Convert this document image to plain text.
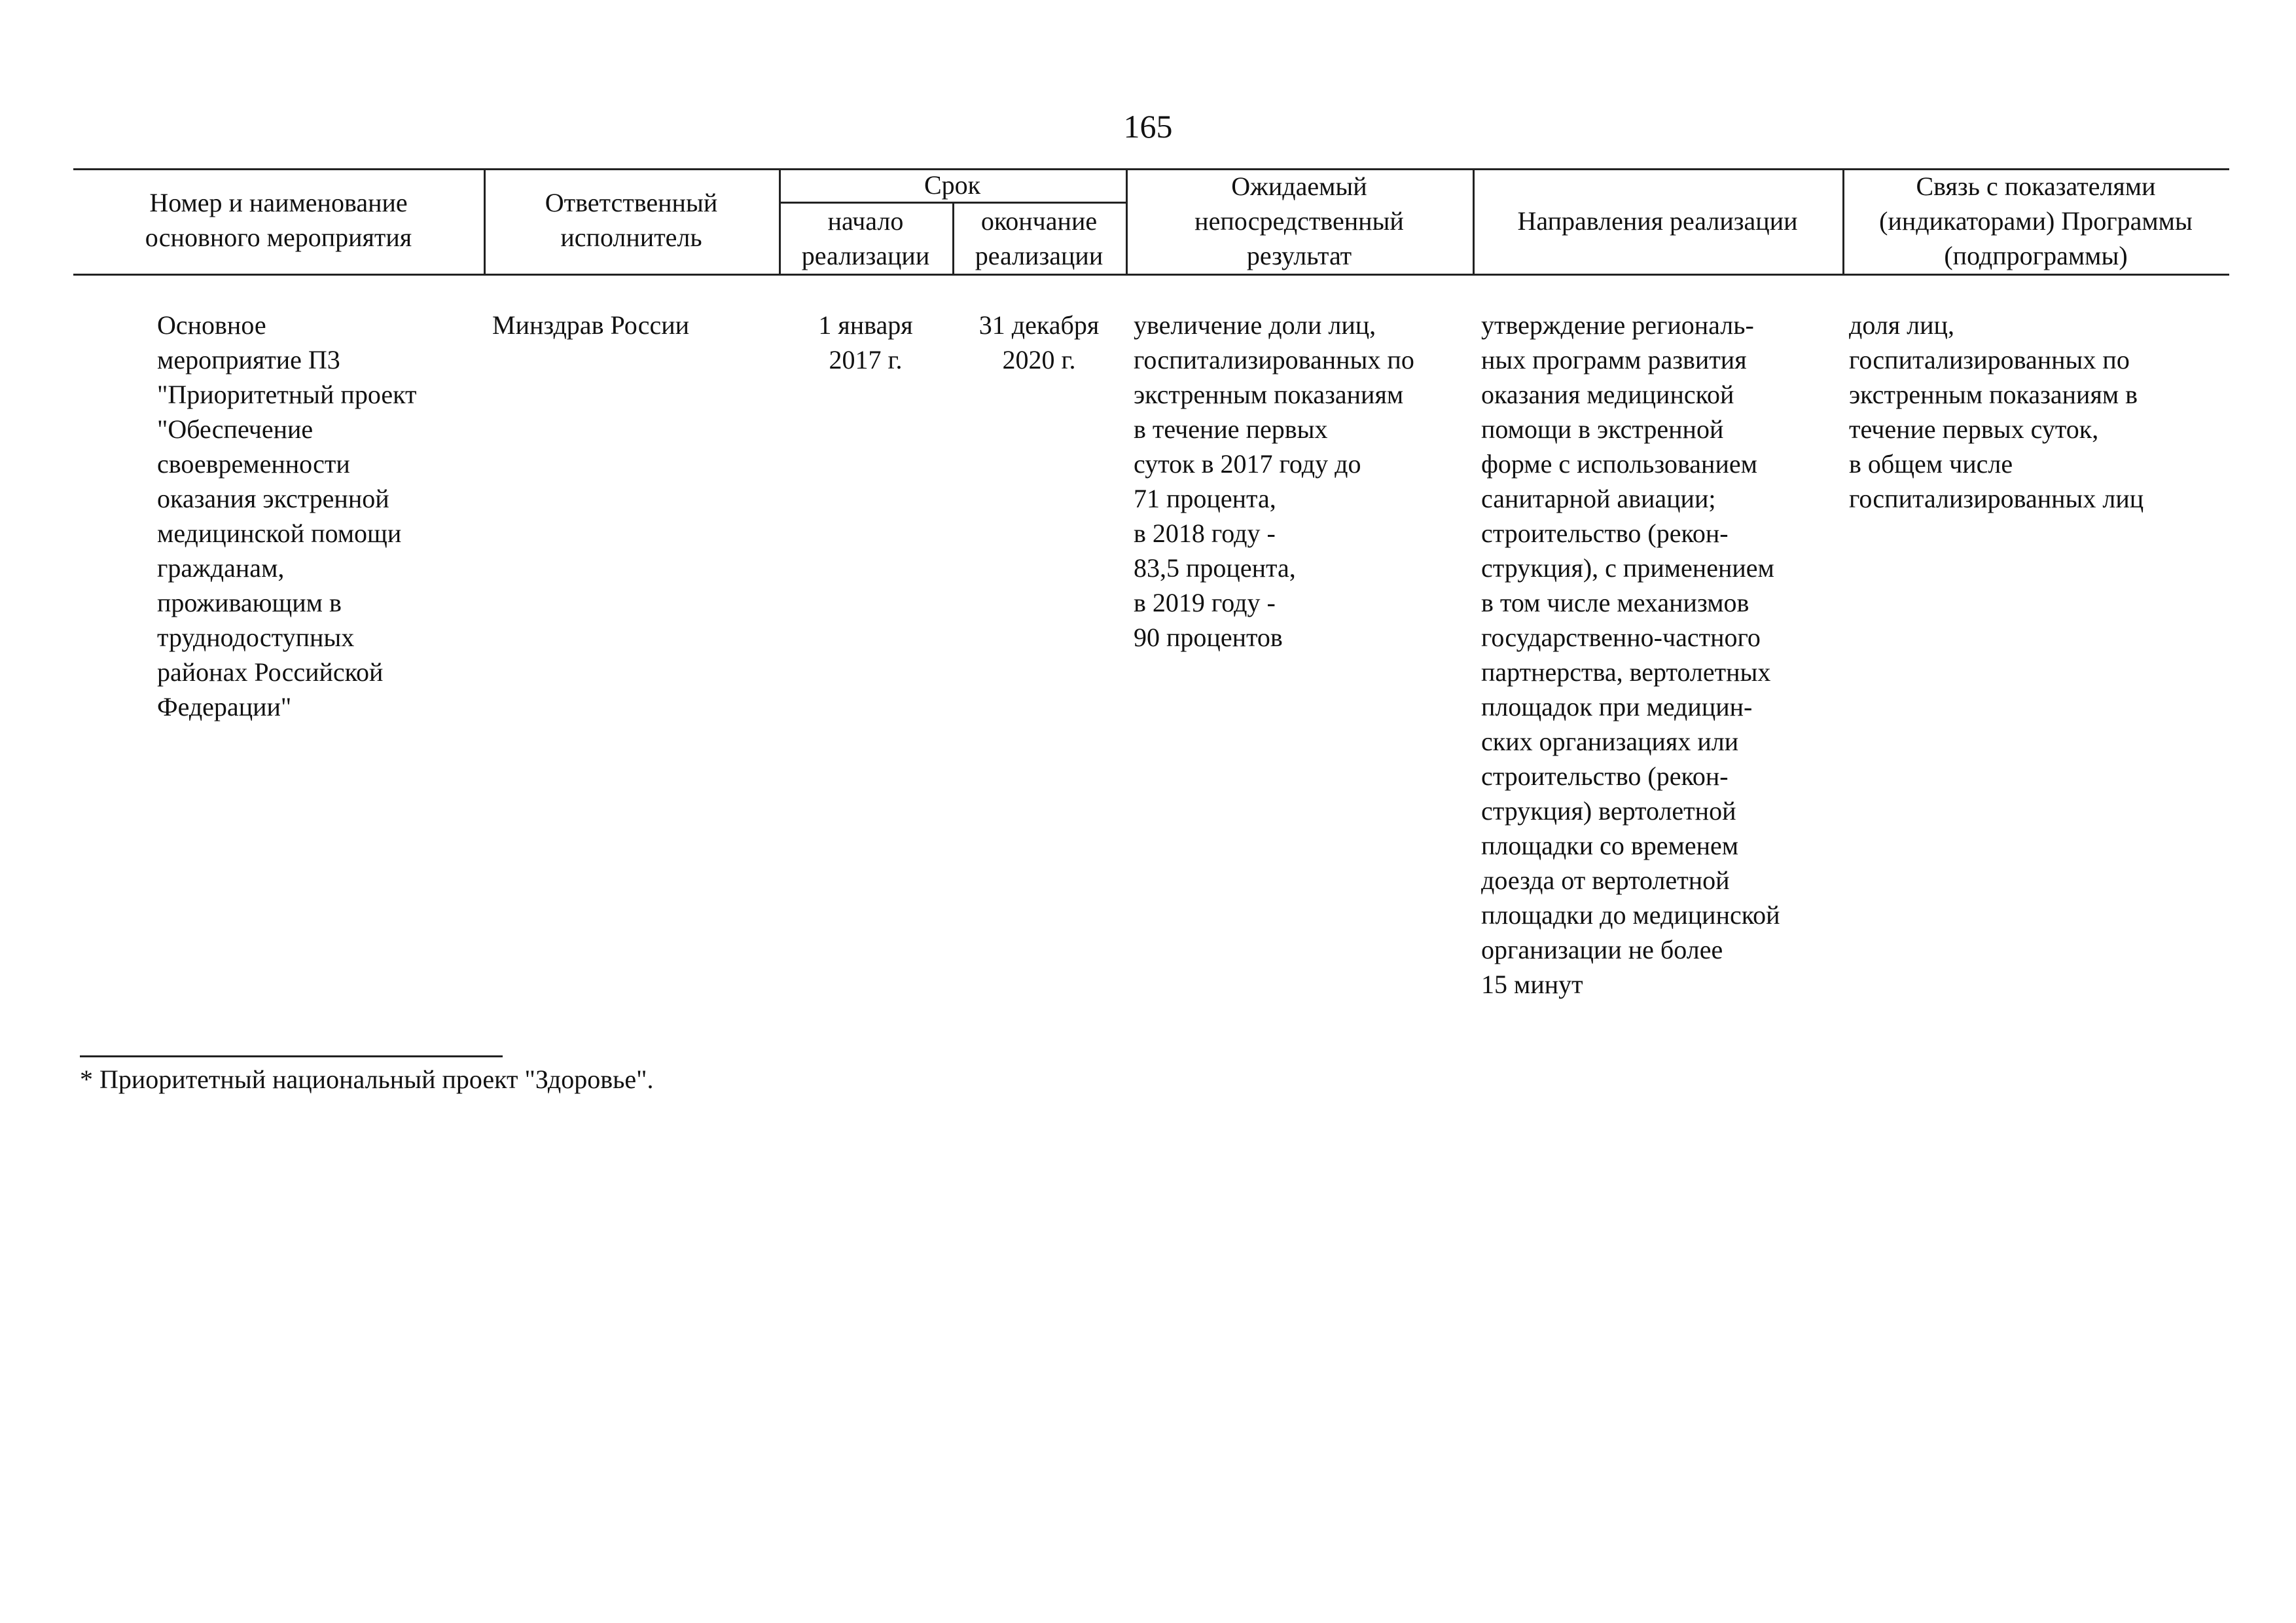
165
Номер и наименование
основного мероприятия
Ответственный
исполнитель
Срок
начало
реализации
окончание
реализации
Ожидаемый
непосредственный
результат
Направления реализации
Связь с показателями
(индикаторами) Программы
(подпрограммы)
Основное
мероприятие П3
"Приоритетный проект
"Обеспечение
своевременности
оказания экстренной
медицинской помощи
гражданам,
проживающим в
труднодоступных
районах Российской
Федерации"
Минздрав России	1 января
2017 г.
31 декабря
2020 г.
увеличение доли лиц,
госпитализированных по
экстренным показаниям
в течение первых
суток в 2017 году до
71 процента,
в 2018 году -
83,5 процента,
в 2019 году -
90 процентов
утверждение региональ-
ных программ развития
оказания медицинской
помощи в экстренной
форме с использованием
санитарной авиации;
строительство (рекон-
струкция), с применением
в том числе механизмов
государственно-частного
партнерства, вертолетных
площадок при медицин-
ских организациях или
строительство (рекон-
струкция) вертолетной
площадки со временем
доезда от вертолетной
площадки до медицинской
организации не более
15 минут
доля лиц,
госпитализированных по
экстренным показаниям в
течение первых суток,
в общем числе
госпитализированных лиц
* Приоритетный национальный проект "Здоровье".
